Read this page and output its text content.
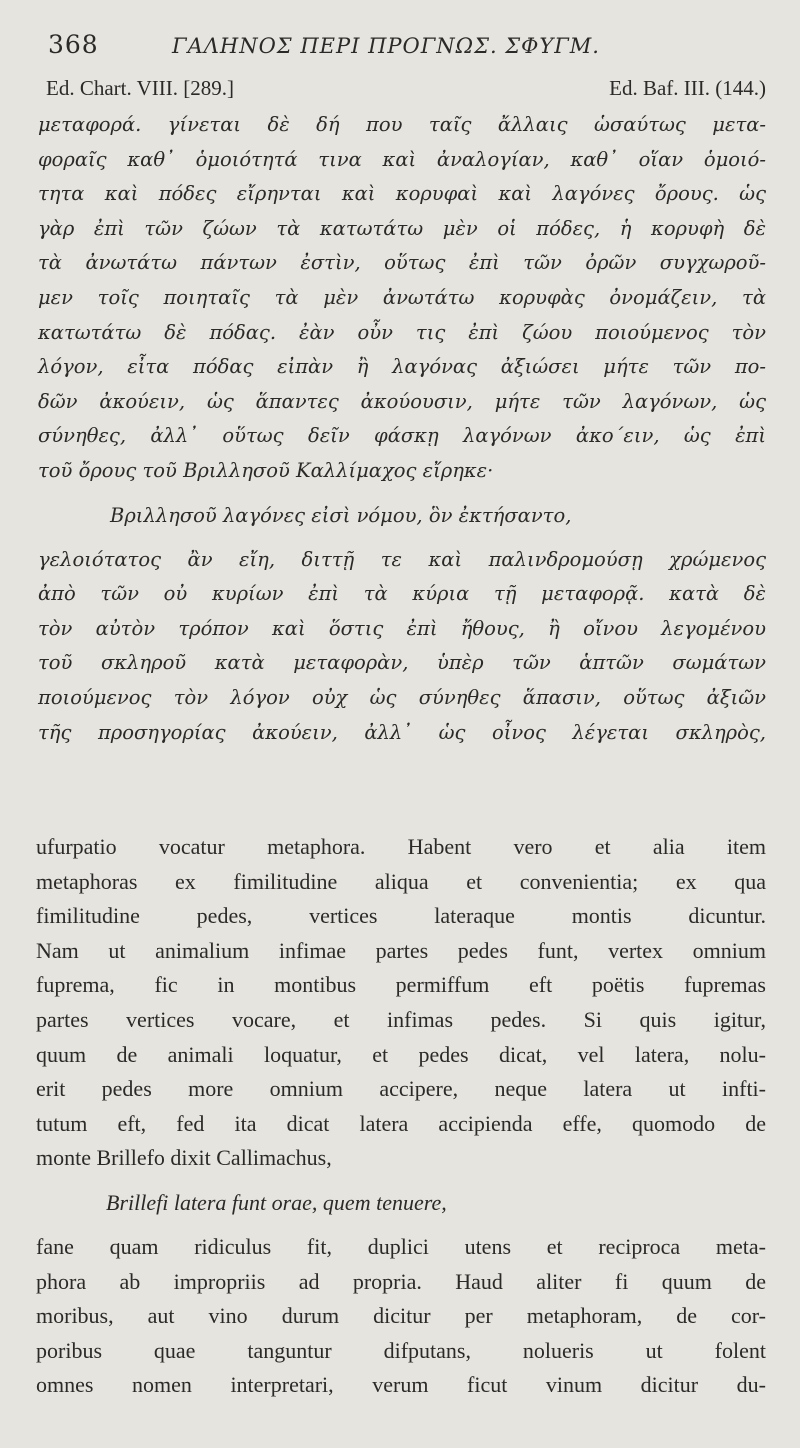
368	ΓΑΛΗΝΟΣ ΠΕΡΙ ΠΡΟΓΝΩΣ. ΣΦΥΓΜ.
Ed. Chart. VIII. [289.]	Ed. Baf. III. (144.)
μεταφορά. γίνεται δὲ δή που ταῖς ἄλλαις ὡσαύτως μετα-
φοραῖς καθ᾿ ὁμοιότητά τινα καὶ ἀναλογίαν, καθ᾿ οἵαν ὁμοιό-
τητα καὶ πόδες εἴρηνται καὶ κορυφαὶ καὶ λαγόνες ὄρους. ὡς
γὰρ ἐπὶ τῶν ζώων τὰ κατωτάτω μὲν οἱ πόδες, ἡ κορυφὴ δὲ
τὰ ἀνωτάτω πάντων ἐστὶν, οὕτως ἐπὶ τῶν ὀρῶν συγχωροῦ-
μεν τοῖς ποιηταῖς τὰ μὲν ἀνωτάτω κορυφὰς ὀνομάζειν, τὰ
κατωτάτω δὲ πόδας. ἐὰν οὖν τις ἐπὶ ζώου ποιούμενος τὸν
λόγον, εἶτα πόδας εἰπὰν ἢ λαγόνας ἀξιώσει μήτε τῶν πο-
δῶν ἀκούειν, ὡς ἅπαντες ἀκούουσιν, μήτε τῶν λαγόνων, ὡς
σύνηθες, ἀλλ᾿ οὕτως δεῖν φάσκῃ λαγόνων ἀκο΄ειν, ὡς ἐπὶ
τοῦ ὄρους τοῦ Βριλλησοῦ Καλλίμαχος εἴρηκε·
Βριλλησοῦ λαγόνες εἰσὶ νόμου, ὃν ἐκτήσαντο,
γελοιότατος ἂν εἴη, διττῇ τε καὶ παλινδρομούσῃ χρώμενος
ἀπὸ τῶν οὐ κυρίων ἐπὶ τὰ κύρια τῇ μεταφορᾷ. κατὰ δὲ
τὸν αὐτὸν τρόπον καὶ ὅστις ἐπὶ ἤθους, ἢ οἴνου λεγομένου
τοῦ σκληροῦ κατὰ μεταφορὰν, ὑπὲρ τῶν ἁπτῶν σωμάτων
ποιούμενος τὸν λόγον οὐχ ὡς σύνηθες ἅπασιν, οὕτως ἀξιῶν
τῆς προσηγορίας ἀκούειν, ἀλλ᾿ ὡς οἶνος λέγεται σκληρὸς,
ufurpatio vocatur metaphora. Habent vero et alia item
metaphoras ex fimilitudine aliqua et convenientia; ex qua
fimilitudine pedes, vertices lateraque montis dicuntur.
Nam ut animalium infimae partes pedes funt, vertex omnium
fuprema, fic in montibus permiffum eft poëtis fupremas
partes vertices vocare, et infimas pedes. Si quis igitur,
quum de animali loquatur, et pedes dicat, vel latera, nolu-
erit pedes more omnium accipere, neque latera ut infti-
tutum eft, fed ita dicat latera accipienda effe, quomodo de
monte Brillefo dixit Callimachus,
Brillefi latera funt orae, quem tenuere,
fane quam ridiculus fit, duplici utens et reciproca meta-
phora ab impropriis ad propria. Haud aliter fi quum de
moribus, aut vino durum dicitur per metaphoram, de cor-
poribus quae tanguntur difputans, nolueris ut folent
omnes nomen interpretari, verum ficut vinum dicitur du-
